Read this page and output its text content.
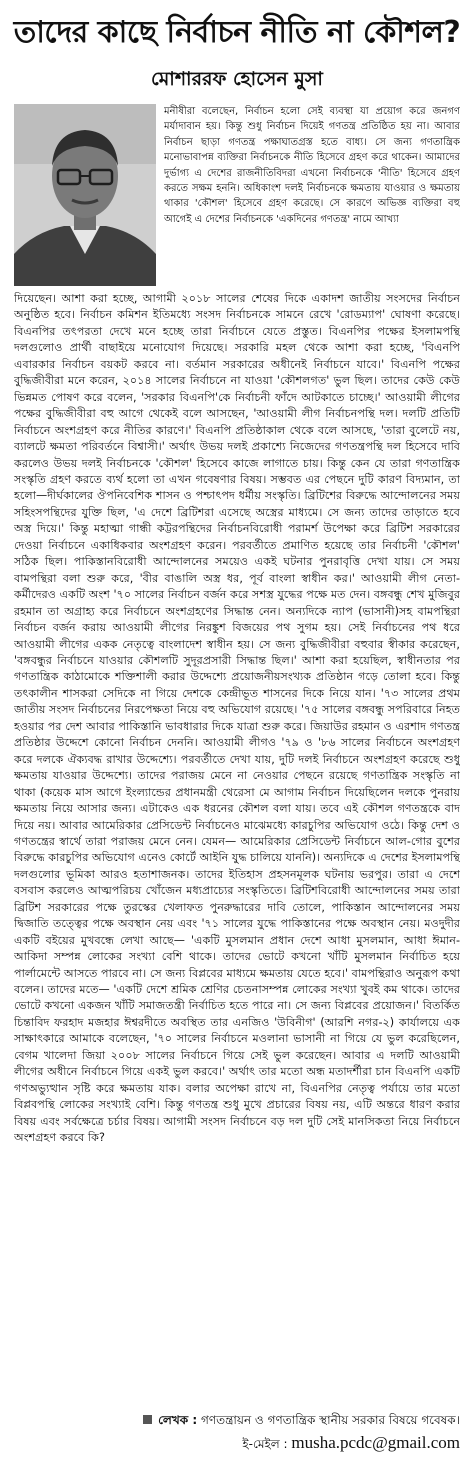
তাদের কাছে নির্বাচন নীতি না কৌশল?
মোশাররফ হোসেন মুসা
মনীষীরা বলেছেন, নির্বাচন হলো সেই ব্যবস্থা যা প্রয়োগ করে জনগণ মর্যাদাবান হয়। কিন্তু শুধু নির্বাচন দিয়েই গণতন্ত্র প্রতিষ্ঠিত হয় না। আবার নির্বাচন ছাড়া গণতন্ত্র পক্ষাঘাতগ্রস্ত হতে বাধ্য। সে জন্য গণতান্ত্রিক মনোভাবাপন্ন ব্যক্তিরা নির্বাচনকে নীতি হিসেবে গ্রহণ করে থাকেন। আমাদের দুর্ভাগ্য এ দেশের রাজনীতিবিদরা এখনো নির্বাচনকে 'নীতি' হিসেবে গ্রহণ করতে সক্ষম হননি। অধিকাংশ দলই নির্বাচনকে ক্ষমতায় যাওয়ার ও ক্ষমতায় থাকার 'কৌশল' হিসেবে গ্রহণ করেছে। সে কারণে অভিজ্ঞ ব্যক্তিরা বহু আগেই এ দেশের নির্বাচনকে 'একদিনের গণতন্ত্র' নামে আখ্যা
দিয়েছেন। আশা করা হচ্ছে, আগামী ২০১৮ সালের শেষের দিকে একাদশ জাতীয় সংসদের নির্বাচন অনুষ্ঠিত হবে। নির্বাচন কমিশন ইতিমধ্যে সংসদ নির্বাচনকে সামনে রেখে 'রোডম্যাপ' ঘোষণা করেছে। বিএনপির তৎপরতা দেখে মনে হচ্ছে তারা নির্বাচনে যেতে প্রস্তুত। বিএনপির পক্ষের ইসলামপন্থি দলগুলোও প্রার্থী বাছাইয়ে মনোযোগ দিয়েছে। সরকারি মহল থেকে আশা করা হচ্ছে, 'বিএনপি এবারকার নির্বাচন বয়কট করবে না। বর্তমান সরকারের অধীনেই নির্বাচনে যাবে।' বিএনপি পক্ষের বুদ্ধিজীবীরা মনে করেন, ২০১৪ সালের নির্বাচনে না যাওয়া 'কৌশলগত' ভুল ছিল। তাদের কেউ কেউ ভিন্নমত পোষণ করে বলেন, 'সরকার বিএনপি'কে নির্বাচনী ফাঁদে আটকাতে চাচ্ছে।' আওয়ামী লীগের পক্ষের বুদ্ধিজীবীরা বহু আগে থেকেই বলে আসছেন, 'আওয়ামী লীগ নির্বাচনপন্থি দল। দলটি প্রতিটি নির্বাচনে অংশগ্রহণ করে নীতির কারণে।' বিএনপি প্রতিষ্ঠাকাল থেকে বলে আসছে, 'তারা বুলেটে নয়, ব্যালটে ক্ষমতা পরিবর্তনে বিশ্বাসী।' অর্থাৎ উভয় দলই প্রকাশ্যে নিজেদের গণতন্ত্রপন্থি দল হিসেবে দাবি করলেও উভয় দলই নির্বাচনকে 'কৌশল' হিসেবে কাজে লাগাতে চায়। কিন্তু কেন যে তারা গণতান্ত্রিক সংস্কৃতি গ্রহণ করতে ব্যর্থ হলো তা এখন গবেষণার বিষয়। সম্ভবত এর পেছনে দুটি কারণ বিদ্যমান, তা হলো—দীর্ঘকালের ঔপনিবেশিক শাসন ও পশ্চাৎপদ ধর্মীয় সংস্কৃতি। ব্রিটিশের বিরুদ্ধে আন্দোলনের সময় সহিংসপন্থিদের যুক্তি ছিল, 'এ দেশে ব্রিটিশরা এসেছে অস্ত্রের মাধ্যমে। সে জন্য তাদের তাড়াতে হবে অস্ত্র দিয়ে।' কিন্তু মহাত্মা গান্ধী কট্টরপন্থিদের নির্বাচনবিরোধী পরামর্শ উপেক্ষা করে ব্রিটিশ সরকারের দেওয়া নির্বাচনে একাধিকবার অংশগ্রহণ করেন। পরবর্তীতে প্রমাণিত হয়েছে তার নির্বাচনী 'কৌশল' সঠিক ছিল। পাকিস্তানবিরোধী আন্দোলনের সময়েও একই ঘটনার পুনরাবৃত্তি দেখা যায়। সে সময় বামপন্থিরা বলা শুরু করে, 'বীর বাঙালি অস্ত্র ধর, পূর্ব বাংলা স্বাধীন কর।' আওয়ামী লীগ নেতা-কর্মীদেরও একটি অংশ '৭০ সালের নির্বাচন বর্জন করে সশস্ত্র যুদ্ধের পক্ষে মত দেন। বঙ্গবন্ধু শেখ মুজিবুর রহমান তা অগ্রাহ্য করে নির্বাচনে অংশগ্রহণের সিদ্ধান্ত নেন। অন্যদিকে ন্যাপ (ভাসানী)সহ বামপন্থিরা নির্বাচন বর্জন করায় আওয়ামী লীগের নিরঙ্কুশ বিজয়ের পথ সুগম হয়। সেই নির্বাচনের পথ ধরে আওয়ামী লীগের একক নেতৃত্বে বাংলাদেশ স্বাধীন হয়। সে জন্য বুদ্ধিজীবীরা বহুবার স্বীকার করেছেন, 'বঙ্গবন্ধুর নির্বাচনে যাওয়ার কৌশলটি সুদূরপ্রসারী সিদ্ধান্ত ছিল।' আশা করা হয়েছিল, স্বাধীনতার পর গণতান্ত্রিক কাঠামোকে শক্তিশালী করার উদ্দেশ্যে প্রয়োজনীয়সংখ্যক প্রতিষ্ঠান গড়ে তোলা হবে। কিন্তু তৎকালীন শাসকরা সেদিকে না গিয়ে দেশকে কেন্দ্রীভূত শাসনের দিকে নিয়ে যান। '৭৩ সালের প্রথম জাতীয় সংসদ নির্বাচনের নিরপেক্ষতা নিয়ে বহু অভিযোগ রয়েছে। '৭৫ সালের বঙ্গবন্ধু সপরিবারে নিহত হওয়ার পর দেশ আবার পাকিস্তানি ভাবধারার দিকে যাত্রা শুরু করে। জিয়াউর রহমান ও এরশাদ গণতন্ত্র প্রতিষ্ঠার উদ্দেশে কোনো নির্বাচন দেননি। আওয়ামী লীগও '৭৯ ও '৮৬ সালের নির্বাচনে অংশগ্রহণ করে দলকে ঐক্যবদ্ধ রাখার উদ্দেশ্যে। পরবর্তীতে দেখা যায়, দুটি দলই নির্বাচনে অংশগ্রহণ করেছে শুধু ক্ষমতায় যাওয়ার উদ্দেশ্যে। তাদের পরাজয় মেনে না নেওয়ার পেছনে রয়েছে গণতান্ত্রিক সংস্কৃতি না থাকা (কয়েক মাস আগে ইংল্যান্ডের প্রধানমন্ত্রী থেরেসা মে আগাম নির্বাচন দিয়েছিলেন দলকে পুনরায় ক্ষমতায় নিয়ে আসার জন্য। এটাকেও এক ধরনের কৌশল বলা যায়। তবে এই কৌশল গণতন্ত্রকে বাদ দিয়ে নয়। আবার আমেরিকার প্রেসিডেন্ট নির্বাচনেও মাঝেমধ্যে কারচুপির অভিযোগ ওঠে। কিন্তু দেশ ও গণতন্ত্রের স্বার্থে তারা পরাজয় মেনে নেন। যেমন— আমেরিকার প্রেসিডেন্ট নির্বাচনে আল-গোর বুশের বিরুদ্ধে কারচুপির অভিযোগ এনেও কোর্টে আইনি যুদ্ধ চালিয়ে যাননি)। অন্যদিকে এ দেশের ইসলামপন্থি দলগুলোর ভূমিকা আরও হতাশাজনক। তাদের ইতিহাস প্রহসনমূলক ঘটনায় ভরপুর। তারা এ দেশে বসবাস করলেও আত্মপরিচয় খোঁজেন মধ্যপ্রাচ্যের সংস্কৃতিতে। ব্রিটিশবিরোধী আন্দোলনের সময় তারা ব্রিটিশ সরকারের পক্ষে তুরস্কের খেলাফত পুনরুদ্ধারের দাবি তোলে, পাকিস্তান আন্দোলনের সময় দ্বিজাতি তত্ত্বের পক্ষে অবস্থান নেয় এবং '৭১ সালের যুদ্ধে পাকিস্তানের পক্ষে অবস্থান নেয়। মওদুদীর একটি বইয়ের মুখবন্ধে লেখা আছে— 'একটি মুসলমান প্রধান দেশে আধা মুসলমান, আধা ঈমান-আকিদা সম্পন্ন লোকের সংখ্যা বেশি থাকে। তাদের ভোটে কখনো খাঁটি মুসলমান নির্বাচিত হয়ে পার্লামেন্টে আসতে পারবে না। সে জন্য বিপ্লবের মাধ্যমে ক্ষমতায় যেতে হবে।' বামপন্থিরাও অনুরূপ কথা বলেন। তাদের মতে— 'একটি দেশে শ্রমিক শ্রেণির চেতনাসম্পন্ন লোকের সংখ্যা খুবই কম থাকে। তাদের ভোটে কখনো একজন খাঁটি সমাজতন্ত্রী নির্বাচিত হতে পারে না। সে জন্য বিপ্লবের প্রয়োজন।' বিতর্কিত চিন্তাবিদ ফরহাদ মজহার ঈশ্বরদীতে অবস্থিত তার এনজিও 'উবিনীগ' (আরশি নগর-২) কার্যালয়ে এক সাক্ষাৎকারে আমাকে বলেছেন, '৭০ সালের নির্বাচনে মওলানা ভাসানী না গিয়ে যে ভুল করেছিলেন, বেগম খালেদা জিয়া ২০০৮ সালের নির্বাচনে গিয়ে সেই ভুল করেছেন। আবার এ দলটি আওয়ামী লীগের অধীনে নির্বাচনে গিয়ে একই ভুল করবে।' অর্থাৎ তার মতো অন্ধ মতাদর্শীরা চান বিএনপি একটি গণঅভ্যুত্থান সৃষ্টি করে ক্ষমতায় যাক। বলার অপেক্ষা রাখে না, বিএনপির নেতৃত্ব পর্যায়ে তার মতো বিপ্লবপন্থি লোকের সংখ্যাই বেশি। কিন্তু গণতন্ত্র শুধু মুখে প্রচারের বিষয় নয়, এটি অন্তরে ধারণ করার বিষয় এবং সর্বক্ষেত্রে চর্চার বিষয়। আগামী সংসদ নির্বাচনে বড় দল দুটি সেই মানসিকতা নিয়ে নির্বাচনে অংশগ্রহণ করবে কি?
লেখক : গণতন্ত্রায়ন ও গণতান্ত্রিক স্থানীয় সরকার বিষয়ে গবেষক।
ই-মেইল : musha.pcdc@gmail.com
